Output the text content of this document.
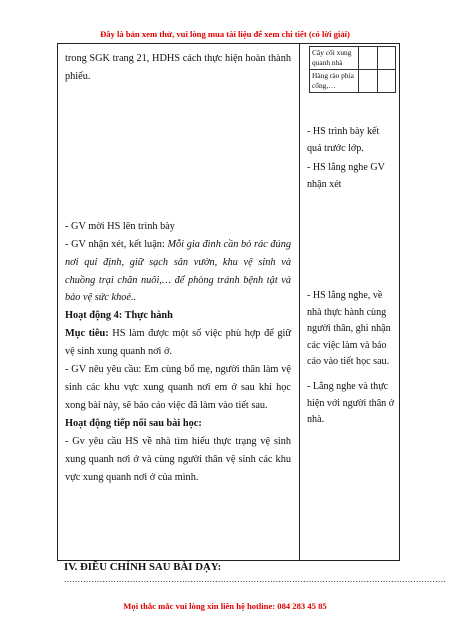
Đây là bản xem thử, vui lòng mua tài liệu để xem chi tiết (có lời giải)

trong SGK trang 21, HDHS cách thực hiện hoàn thành phiếu.

- GV mời HS lên trình bày

- GV nhận xét, kết luận: Mỗi gia đình cần bỏ rác đúng nơi qui định, giữ sạch sân vườn, khu vệ sinh và chuồng trại chăn nuôi,… để phòng tránh bệnh tật và bảo vệ sức khoẻ..

Hoạt động 4: Thực hành

Mục tiêu: HS làm được một số việc phù hợp để giữ vệ sinh xung quanh nơi ở.

- GV nêu yêu cầu: Em cùng bố mẹ, người thân làm vệ sinh các khu vực xung quanh nơi em ở sau khi học xong bài này, sẽ báo cáo việc đã làm vào tiết sau.

Hoạt động tiếp nối sau bài học:

- Gv yêu cầu HS về nhà tìm hiểu thực trạng vệ sinh xung quanh nơi ở và cùng người thân vệ sinh các khu vực xung quanh nơi ở của mình.

Cây cối xung quanh nhà		
Hàng rào phía cổng,…		

- HS trình bày kết quả trước lớp.

- HS lắng nghe GV nhận xét

- HS lắng nghe, về nhà thực hành cùng người thân, ghi nhận các việc làm và báo cáo vào tiết học sau.

- Lắng nghe và thực hiện với người thân ở nhà.

IV. ĐIỀU CHỈNH SAU BÀI DẠY:
...........................................................................................................................................
Mọi thắc mắc vui lòng xin liên hệ hotline: 084 283 45 85
